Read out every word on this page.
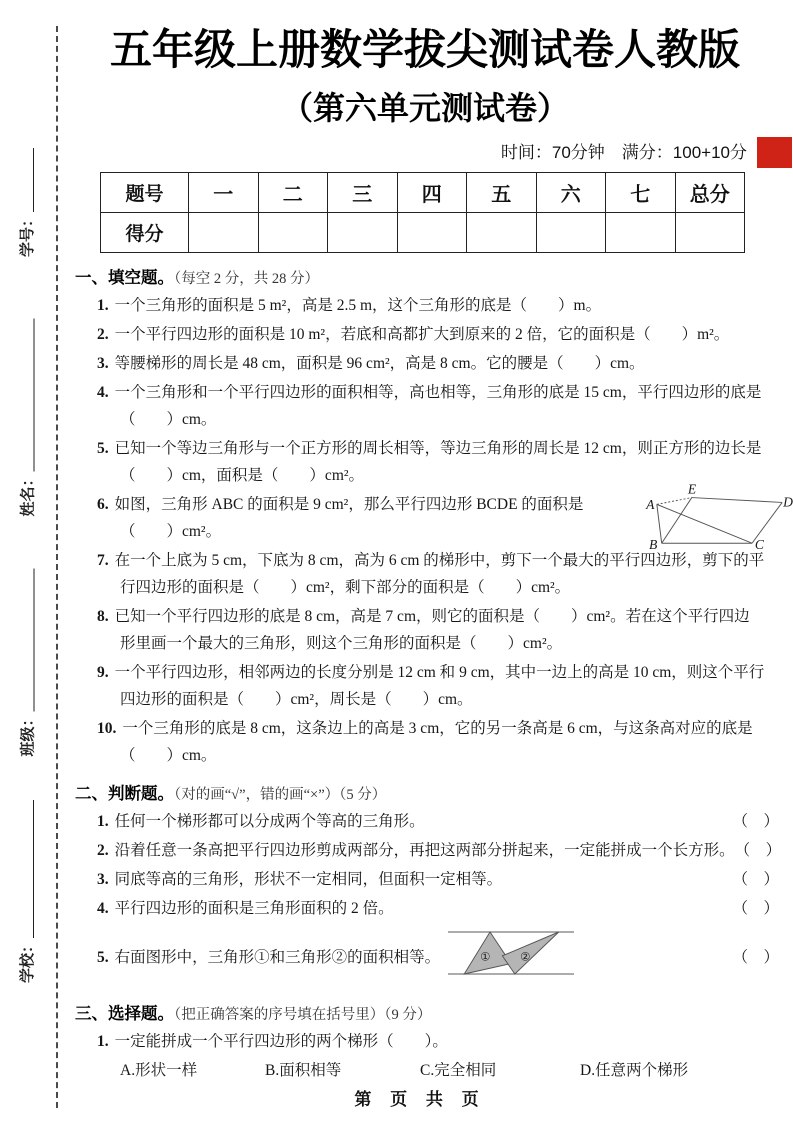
学号：
姓名：
班级：
学校：
五年级上册数学拔尖测试卷人教版
（第六单元测试卷）
时间：70分钟　满分：100+10分
题号	一	二	三	四	五	六	七	总分
得分								
一、填空题。（每空 2 分，共 28 分）
1. 一个三角形的面积是 5 m²，高是 2.5 m，这个三角形的底是（　　）m。
2. 一个平行四边形的面积是 10 m²，若底和高都扩大到原来的 2 倍，它的面积是（　　）m²。
3. 等腰梯形的周长是 48 cm，面积是 96 cm²，高是 8 cm。它的腰是（　　）cm。
4. 一个三角形和一个平行四边形的面积相等，高也相等，三角形的底是 15 cm，平行四边形的底是（　　）cm。
5. 已知一个等边三角形与一个正方形的周长相等，等边三角形的周长是 12 cm，则正方形的边长是（　　）cm，面积是（　　）cm²。
6. 如图，三角形 ABC 的面积是 9 cm²，那么平行四边形 BCDE 的面积是（　　）cm²。
7. 在一个上底为 5 cm，下底为 8 cm，高为 6 cm 的梯形中，剪下一个最大的平行四边形，剪下的平行四边形的面积是（　　）cm²，剩下部分的面积是（　　）cm²。
8. 已知一个平行四边形的底是 8 cm，高是 7 cm，则它的面积是（　　）cm²。若在这个平行四边形里画一个最大的三角形，则这个三角形的面积是（　　）cm²。
9. 一个平行四边形，相邻两边的长度分别是 12 cm 和 9 cm，其中一边上的高是 10 cm，则这个平行四边形的面积是（　　）cm²，周长是（　　）cm。
10. 一个三角形的底是 8 cm，这条边上的高是 3 cm，它的另一条高是 6 cm，与这条高对应的底是（　　）cm。
二、判断题。（对的画“√”，错的画“×”）（5 分）
1. 任何一个梯形都可以分成两个等高的三角形。	（　）
2. 沿着任意一条高把平行四边形剪成两部分，再把这两部分拼起来，一定能拼成一个长方形。 （　）
3. 同底等高的三角形，形状不一定相同，但面积一定相等。	（　）
4. 平行四边形的面积是三角形面积的 2 倍。	（　）
5. 右面图形中，三角形①和三角形②的面积相等。	① ②	（　）
三、选择题。（把正确答案的序号填在括号里）（9 分）
1. 一定能拼成一个平行四边形的两个梯形（　　）。
A.形状一样	B.面积相等	C.完全相同	D.任意两个梯形
A
E
D
B	C
第 页 共 页
